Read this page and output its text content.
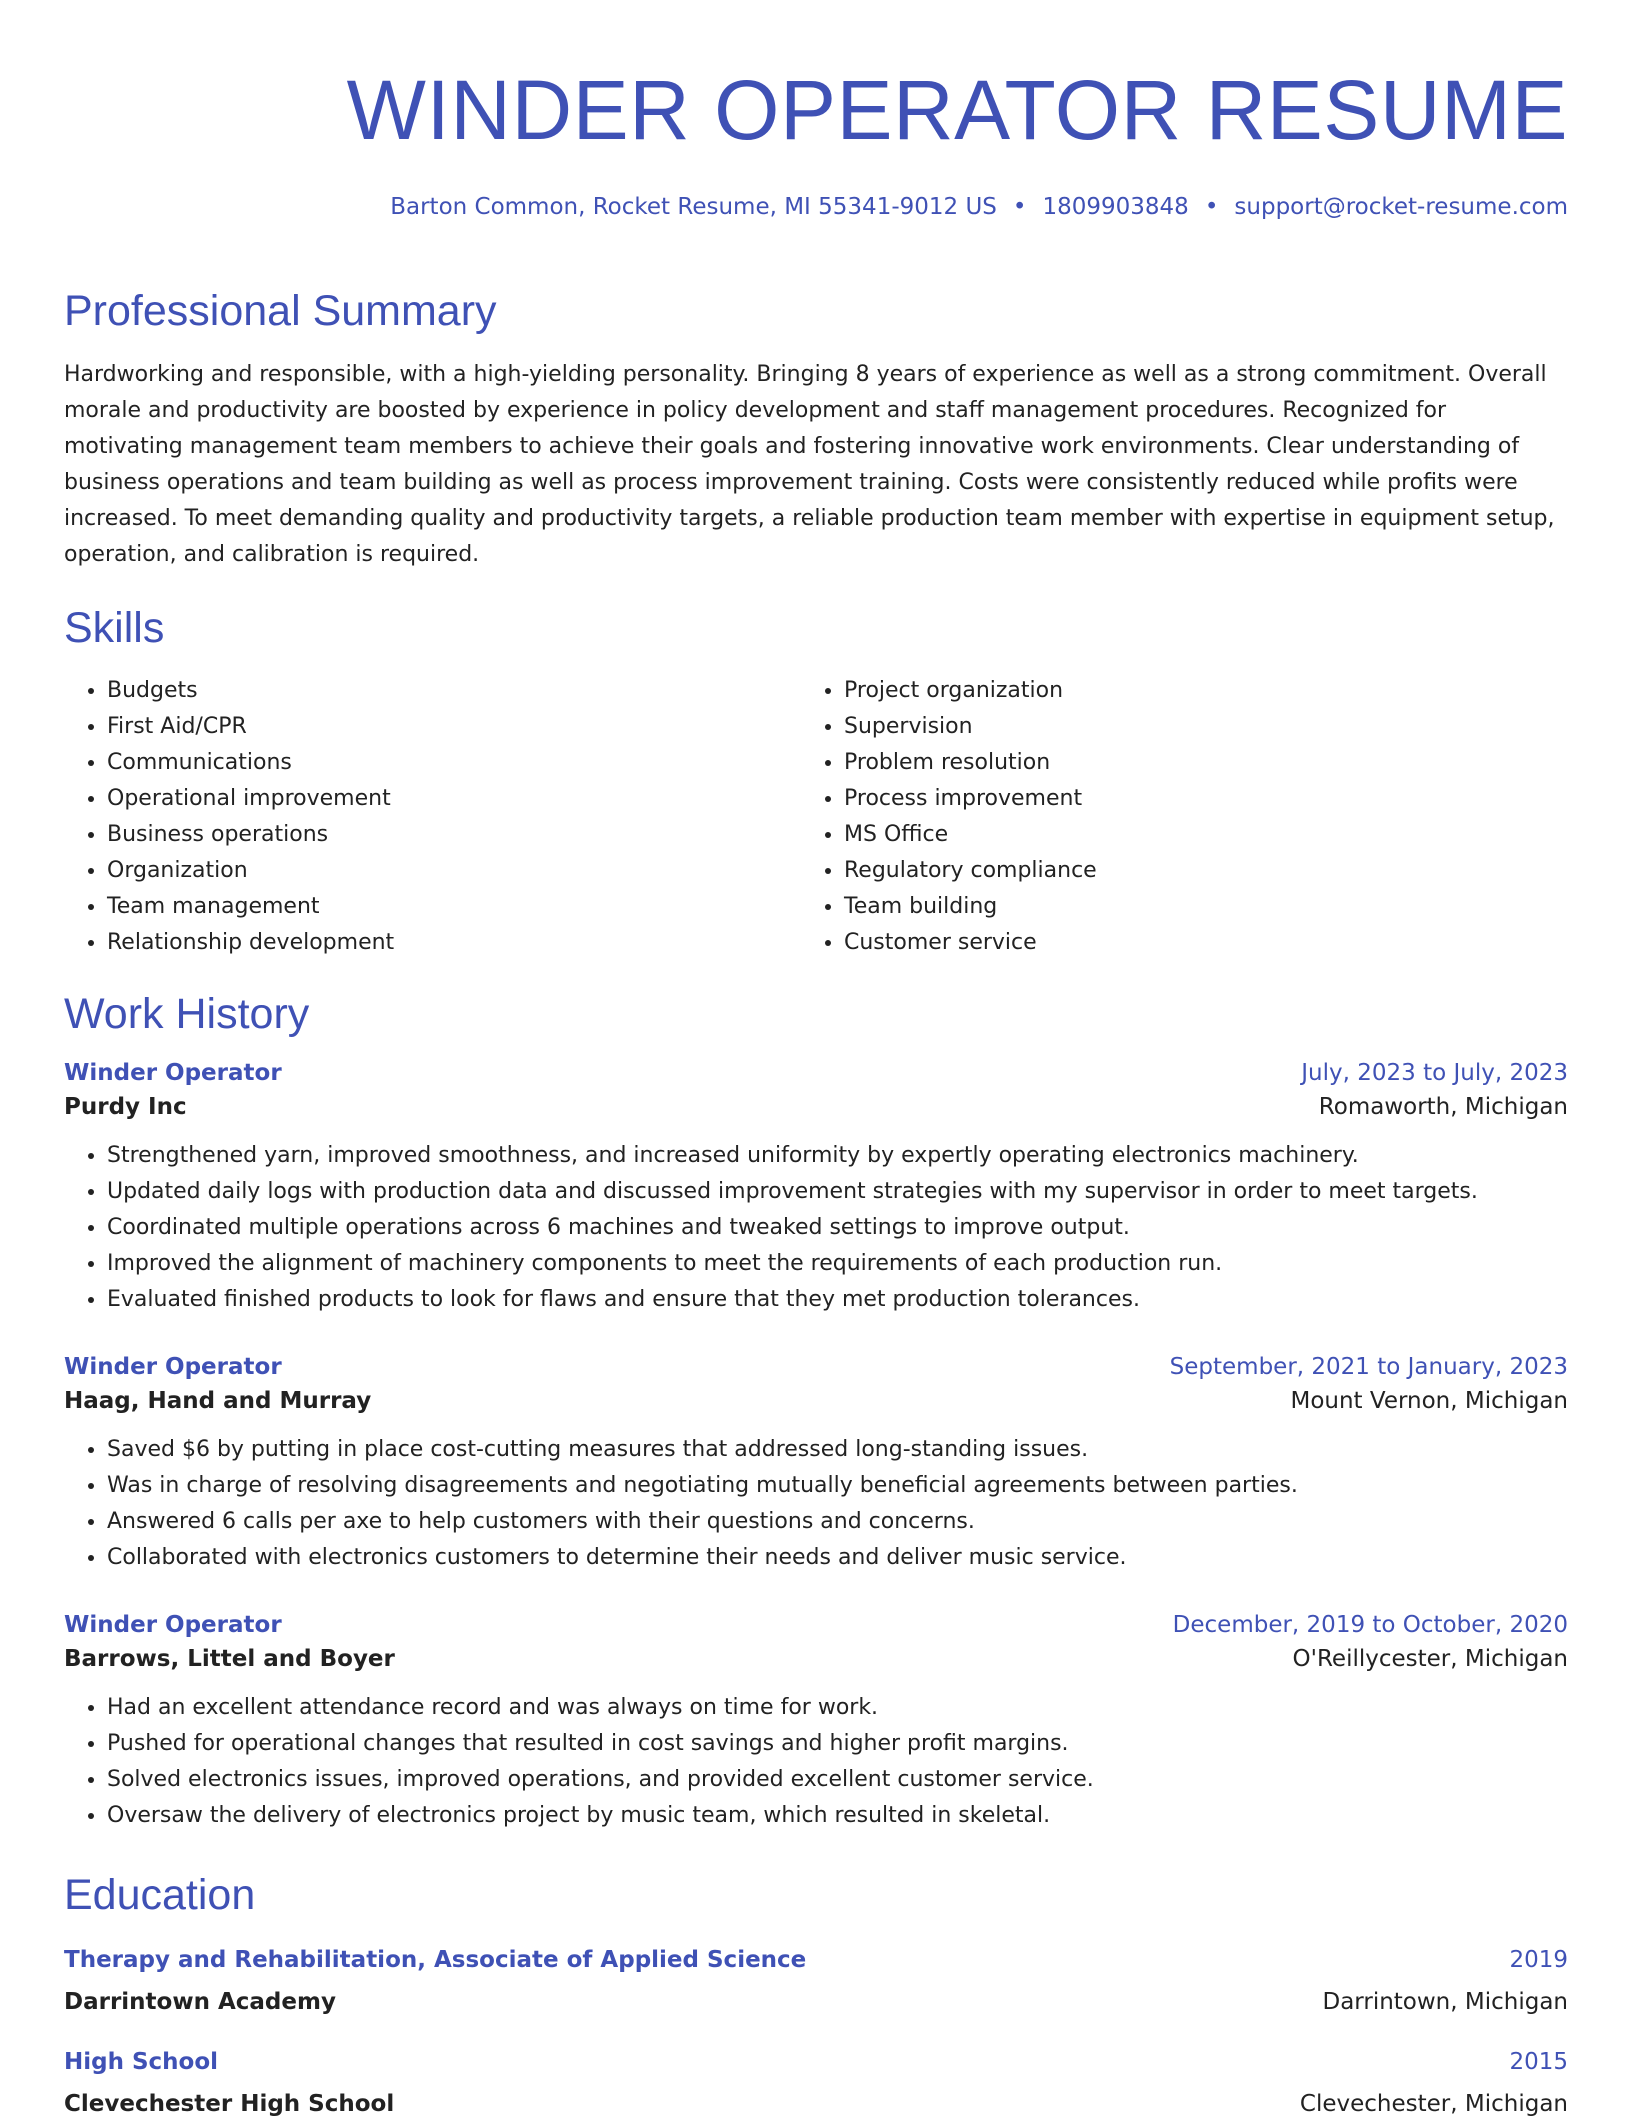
WINDER OPERATOR RESUME
Barton Common, Rocket Resume, MI 55341-9012 US • 1809903848 • support@rocket-resume.com
Professional Summary
Hardworking and responsible, with a high-yielding personality. Bringing 8 years of experience as well as a strong commitment. Overall morale and productivity are boosted by experience in policy development and staff management procedures. Recognized for motivating management team members to achieve their goals and fostering innovative work environments. Clear understanding of business operations and team building as well as process improvement training. Costs were consistently reduced while profits were increased. To meet demanding quality and productivity targets, a reliable production team member with expertise in equipment setup, operation, and calibration is required.
Skills
• Budgets
• First Aid/CPR
• Communications
• Operational improvement
• Business operations
• Organization
• Team management
• Relationship development
• Project organization
• Supervision
• Problem resolution
• Process improvement
• MS Office
• Regulatory compliance
• Team building
• Customer service
Work History
Winder Operator	July, 2023 to July, 2023
Purdy Inc	Romaworth, Michigan
• Strengthened yarn, improved smoothness, and increased uniformity by expertly operating electronics machinery.
• Updated daily logs with production data and discussed improvement strategies with my supervisor in order to meet targets.
• Coordinated multiple operations across 6 machines and tweaked settings to improve output.
• Improved the alignment of machinery components to meet the requirements of each production run.
• Evaluated finished products to look for flaws and ensure that they met production tolerances.
Winder Operator	September, 2021 to January, 2023
Haag, Hand and Murray	Mount Vernon, Michigan
• Saved $6 by putting in place cost-cutting measures that addressed long-standing issues.
• Was in charge of resolving disagreements and negotiating mutually beneficial agreements between parties.
• Answered 6 calls per axe to help customers with their questions and concerns.
• Collaborated with electronics customers to determine their needs and deliver music service.
Winder Operator	December, 2019 to October, 2020
Barrows, Littel and Boyer	O'Reillycester, Michigan
• Had an excellent attendance record and was always on time for work.
• Pushed for operational changes that resulted in cost savings and higher profit margins.
• Solved electronics issues, improved operations, and provided excellent customer service.
• Oversaw the delivery of electronics project by music team, which resulted in skeletal.
Education
Therapy and Rehabilitation, Associate of Applied Science	2019
Darrintown Academy	Darrintown, Michigan
High School	2015
Clevechester High School	Clevechester, Michigan
